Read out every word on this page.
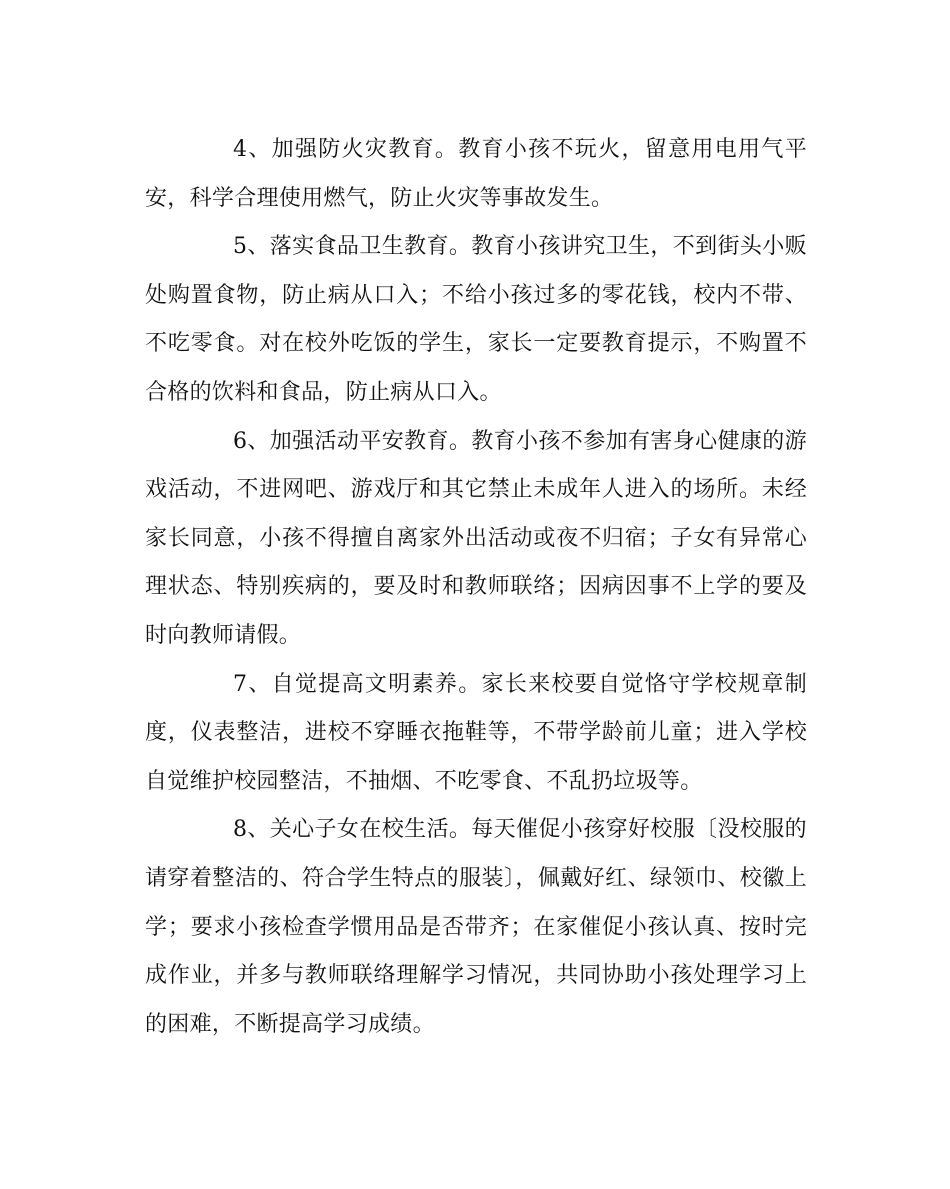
4、加强防火灾教育。教育小孩不玩火，留意用电用气平安，科学合理使用燃气，防止火灾等事故发生。

5、落实食品卫生教育。教育小孩讲究卫生，不到街头小贩处购置食物，防止病从口入；不给小孩过多的零花钱，校内不带、不吃零食。对在校外吃饭的学生，家长一定要教育提示，不购置不合格的饮料和食品，防止病从口入。

6、加强活动平安教育。教育小孩不参加有害身心健康的游戏活动，不进网吧、游戏厅和其它禁止未成年人进入的场所。未经家长同意，小孩不得擅自离家外出活动或夜不归宿；子女有异常心理状态、特别疾病的，要及时和教师联络；因病因事不上学的要及时向教师请假。

7、自觉提高文明素养。家长来校要自觉恪守学校规章制度，仪表整洁，进校不穿睡衣拖鞋等，不带学龄前儿童；进入学校自觉维护校园整洁，不抽烟、不吃零食、不乱扔垃圾等。

8、关心子女在校生活。每天催促小孩穿好校服〔没校服的请穿着整洁的、符合学生特点的服装〕，佩戴好红、绿领巾、校徽上学；要求小孩检查学惯用品是否带齐；在家催促小孩认真、按时完成作业，并多与教师联络理解学习情况，共同协助小孩处理学习上的困难，不断提高学习成绩。
